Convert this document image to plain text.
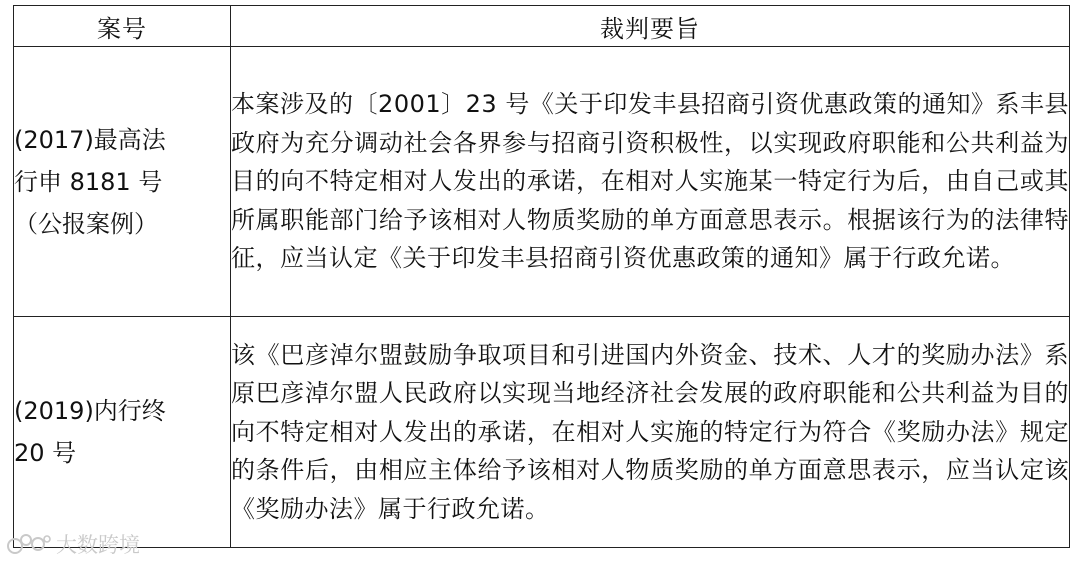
案号	裁判要旨

(2017)最高法
行申 8181 号
（公报案例）	本案涉及的〔2001〕23 号《关于印发丰县招商引资优惠政策的通知》系丰县政府为充分调动社会各界参与招商引资积极性，以实现政府职能和公共利益为目的向不特定相对人发出的承诺，在相对人实施某一特定行为后，由自己或其所属职能部门给予该相对人物质奖励的单方面意思表示。根据该行为的法律特征，应当认定《关于印发丰县招商引资优惠政策的通知》属于行政允诺。

(2019)内行终
20 号	该《巴彦淖尔盟鼓励争取项目和引进国内外资金、技术、人才的奖励办法》系原巴彦淖尔盟人民政府以实现当地经济社会发展的政府职能和公共利益为目的向不特定相对人发出的承诺，在相对人实施的特定行为符合《奖励办法》规定的条件后，由相应主体给予该相对人物质奖励的单方面意思表示，应当认定该《奖励办法》属于行政允诺。
大数跨境
